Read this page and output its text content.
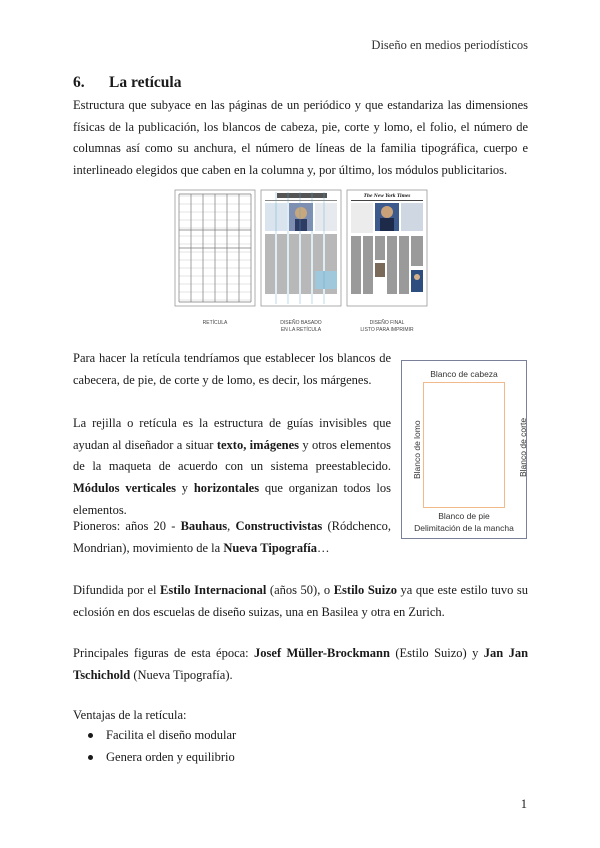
Diseño en medios periodísticos
6. La retícula

Estructura que subyace en las páginas de un periódico y que estandariza las dimensiones físicas de la publicación, los blancos de cabeza, pie, corte y lomo, el folio, el número de columnas así como su anchura, el número de líneas de la familia tipográfica, cuerpo e interlineado elegidos que caben en la columna y, por último, los módulos publicitarios.

The New York Times
RETÍCULA	DISEÑO BASADO
EN LA RETÍCULA
DISEÑO FINAL
LISTO PARA IMPRIMIR

Para hacer la retícula tendríamos que establecer los blancos de cabecera, de pie, de corte y de lomo, es decir, los márgenes.

La rejilla o retícula es la estructura de guías invisibles que ayudan al diseñador a situar texto, imágenes y otros elementos de la maqueta de acuerdo con un sistema preestablecido. Módulos verticales y horizontales que organizan todos los elementos.

Pioneros: años 20 - Bauhaus, Constructivistas (Ródchenco, Mondrian), movimiento de la Nueva Tipografía…

Blanco de cabeza
Blanco de lomo	Blanco de corte
Blanco de pie
Delimitación de la mancha

Difundida por el Estilo Internacional (años 50), o Estilo Suizo ya que este estilo tuvo su eclosión en dos escuelas de diseño suizas, una en Basilea y otra en Zurich.

Principales figuras de esta época: Josef Müller-Brockmann (Estilo Suizo) y Jan Jan Tschichold (Nueva Tipografía).

Ventajas de la retícula:

Facilita el diseño modular
Genera orden y equilibrio
1
